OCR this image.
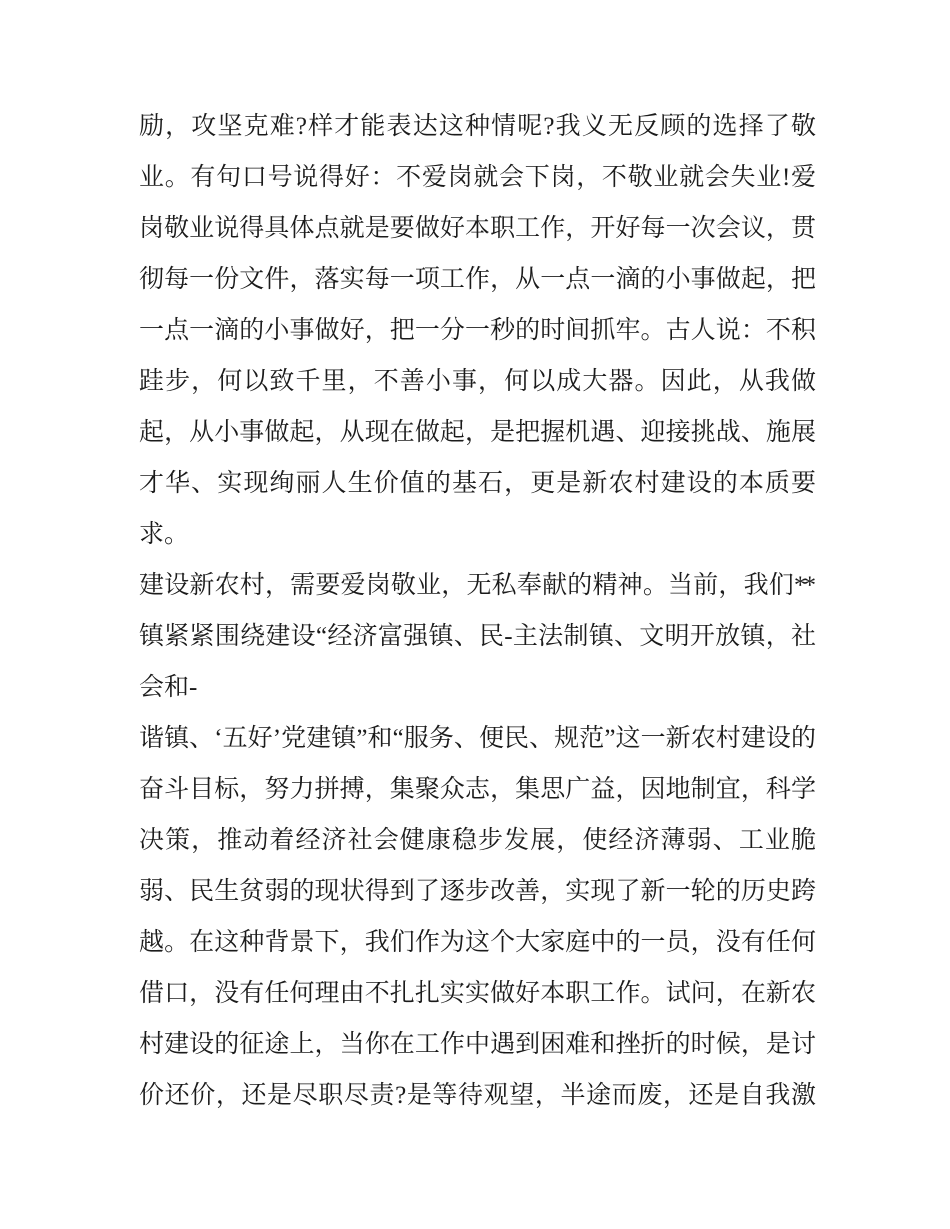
励，攻坚克难?样才能表达这种情呢?我义无反顾的选择了敬
业。有句口号说得好：不爱岗就会下岗，不敬业就会失业!爱
岗敬业说得具体点就是要做好本职工作，开好每一次会议，贯
彻每一份文件，落实每一项工作，从一点一滴的小事做起，把
一点一滴的小事做好，把一分一秒的时间抓牢。古人说：不积
跬步，何以致千里，不善小事，何以成大器。因此，从我做
起，从小事做起，从现在做起，是把握机遇、迎接挑战、施展
才华、实现绚丽人生价值的基石，更是新农村建设的本质要
求。
建设新农村，需要爱岗敬业，无私奉献的精神。当前，我们**
镇紧紧围绕建设“经济富强镇、民-主法制镇、文明开放镇，社
会和-
谐镇、‘五好’党建镇”和“服务、便民、规范”这一新农村建设的
奋斗目标，努力拼搏，集聚众志，集思广益，因地制宜，科学
决策，推动着经济社会健康稳步发展，使经济薄弱、工业脆
弱、民生贫弱的现状得到了逐步改善，实现了新一轮的历史跨
越。在这种背景下，我们作为这个大家庭中的一员，没有任何
借口，没有任何理由不扎扎实实做好本职工作。试问，在新农
村建设的征途上，当你在工作中遇到困难和挫折的时候，是讨
价还价，还是尽职尽责?是等待观望，半途而废，还是自我激
